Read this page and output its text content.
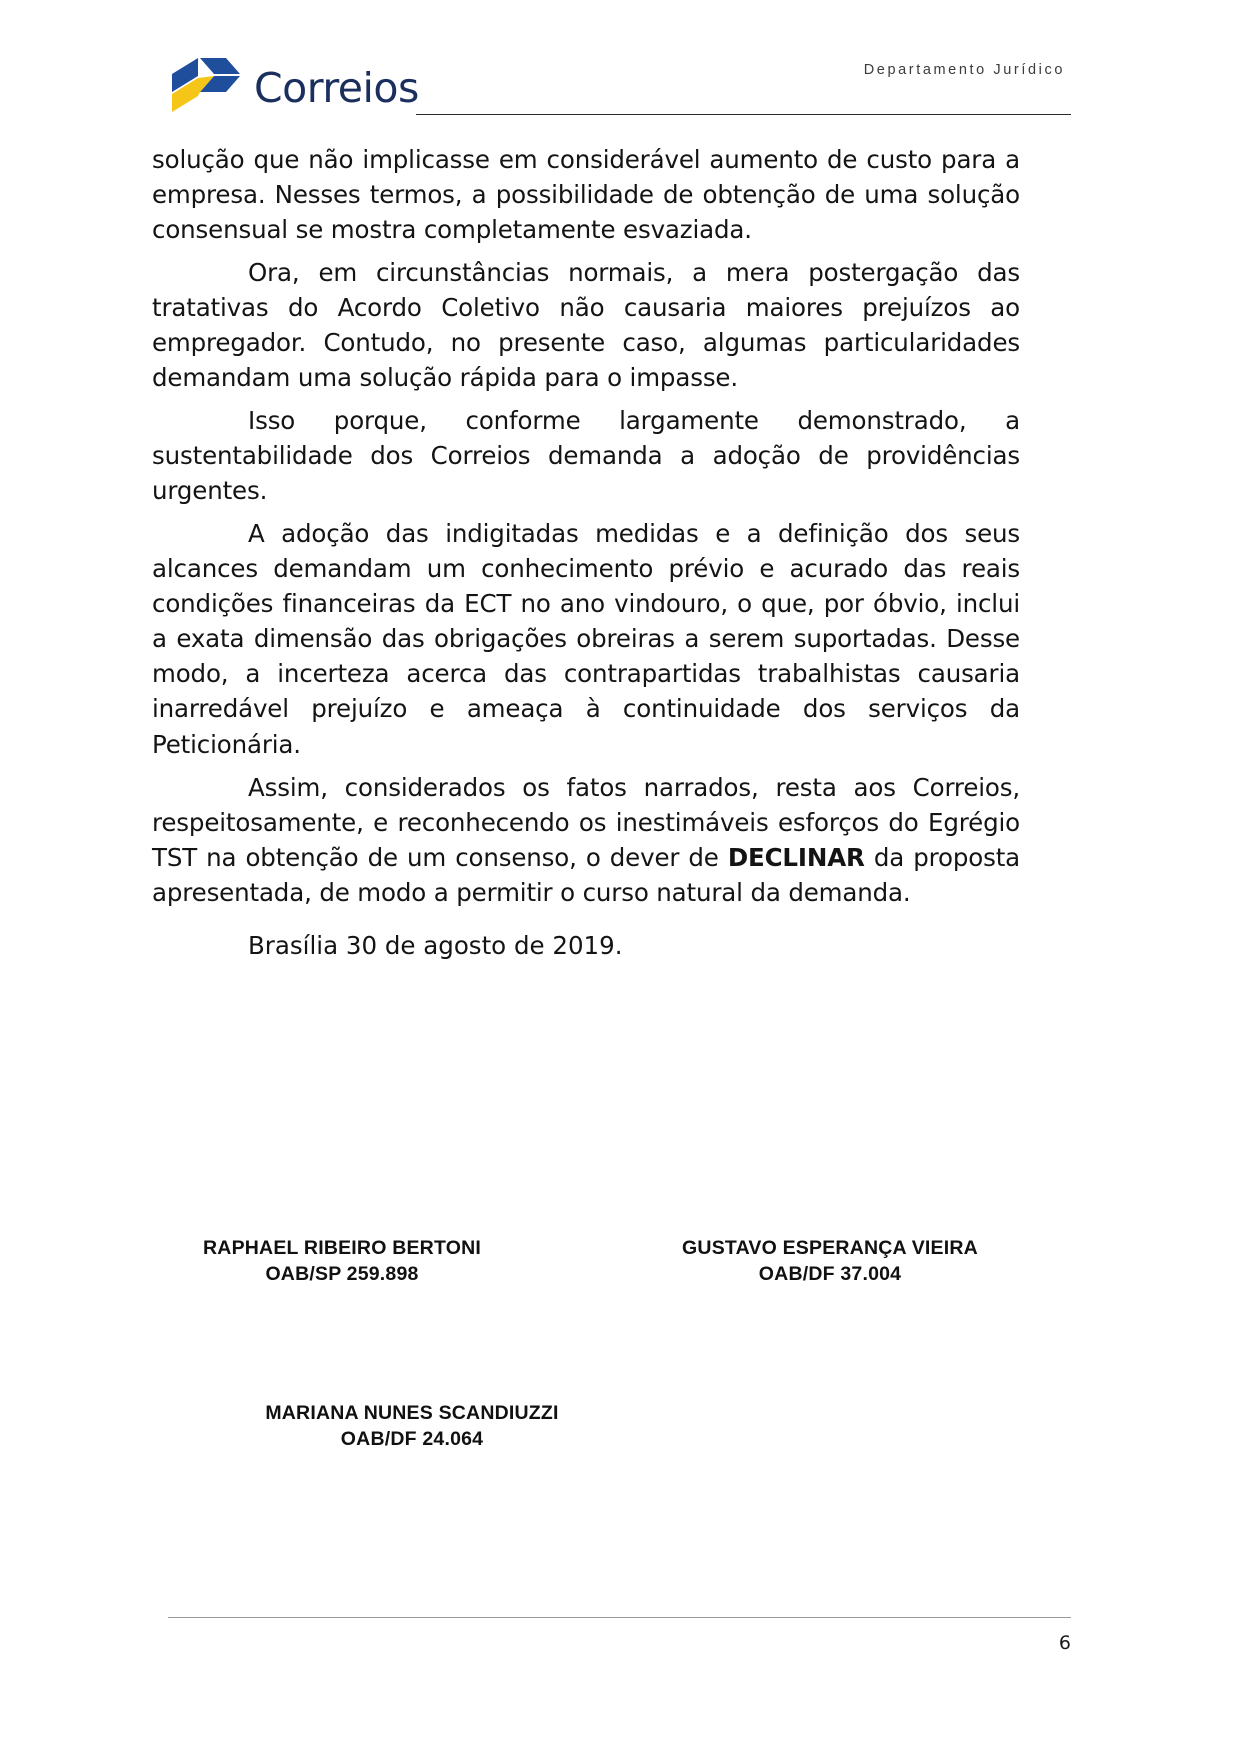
Departamento Jurídico
Correios

solução que não implicasse em considerável aumento de custo para a empresa. Nesses termos, a possibilidade de obtenção de uma solução consensual se mostra completamente esvaziada.

Ora, em circunstâncias normais, a mera postergação das tratativas do Acordo Coletivo não causaria maiores prejuízos ao empregador. Contudo, no presente caso, algumas particularidades demandam uma solução rápida para o impasse.

Isso porque, conforme largamente demonstrado, a sustentabilidade dos Correios demanda a adoção de providências urgentes.

A adoção das indigitadas medidas e a definição dos seus alcances demandam um conhecimento prévio e acurado das reais condições financeiras da ECT no ano vindouro, o que, por óbvio, inclui a exata dimensão das obrigações obreiras a serem suportadas. Desse modo, a incerteza acerca das contrapartidas trabalhistas causaria inarredável prejuízo e ameaça à continuidade dos serviços da Peticionária.

Assim, considerados os fatos narrados, resta aos Correios, respeitosamente, e reconhecendo os inestimáveis esforços do Egrégio TST na obtenção de um consenso, o dever de DECLINAR da proposta apresentada, de modo a permitir o curso natural da demanda.

Brasília 30 de agosto de 2019.

RAPHAEL RIBEIRO BERTONI
OAB/SP 259.898
GUSTAVO ESPERANÇA VIEIRA
OAB/DF 37.004
MARIANA NUNES SCANDIUZZI
OAB/DF 24.064
6
